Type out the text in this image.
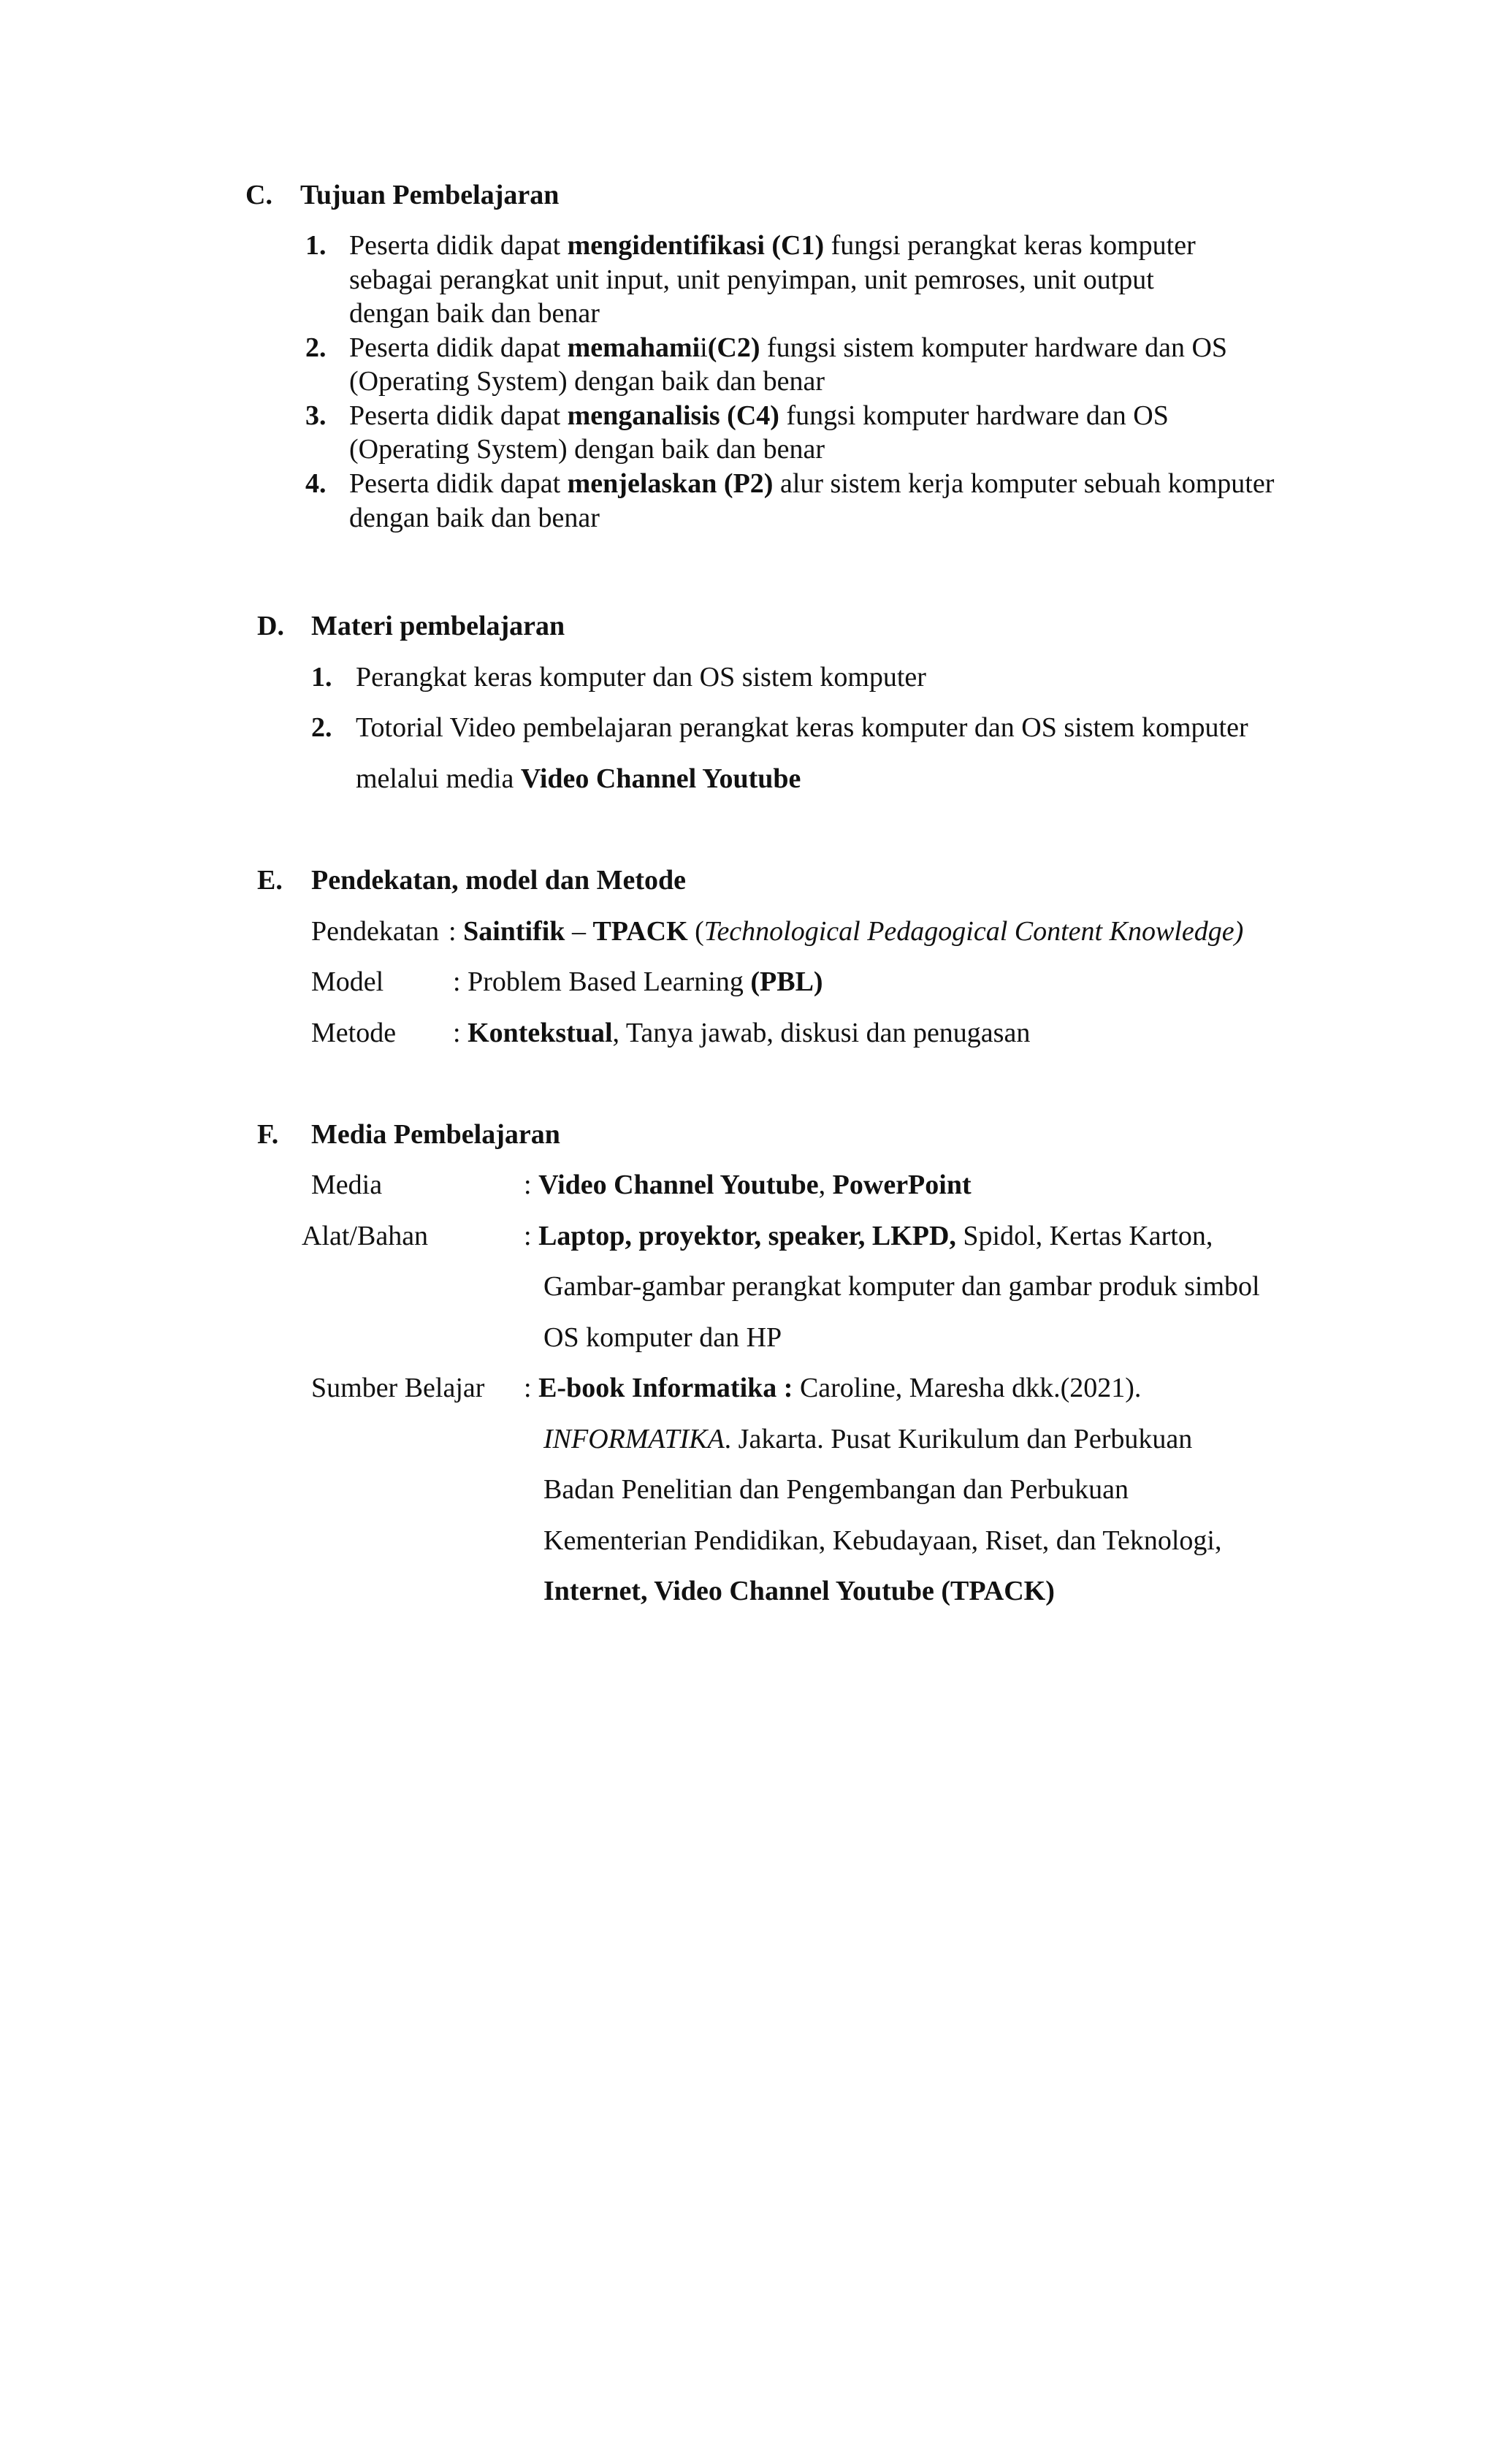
C. Tujuan Pembelajaran
1. Peserta didik dapat mengidentifikasi (C1) fungsi perangkat keras komputer
sebagai perangkat unit input, unit penyimpan, unit pemroses, unit output
dengan baik dan benar
2. Peserta didik dapat memahamii(C2) fungsi sistem komputer hardware dan OS
(Operating System) dengan baik dan benar
3. Peserta didik dapat menganalisis (C4) fungsi komputer hardware dan OS
(Operating System) dengan baik dan benar
4. Peserta didik dapat menjelaskan (P2) alur sistem kerja komputer sebuah komputer
dengan baik dan benar
D. Materi pembelajaran
1. Perangkat keras komputer dan OS sistem komputer
2. Totorial Video pembelajaran perangkat keras komputer dan OS sistem komputer
melalui media Video Channel Youtube
E. Pendekatan, model dan Metode
Pendekatan : Saintifik – TPACK (Technological Pedagogical Content Knowledge)
Model : Problem Based Learning (PBL)
Metode : Kontekstual, Tanya jawab, diskusi dan penugasan
F. Media Pembelajaran
Media	: Video Channel Youtube, PowerPoint
Alat/Bahan	: Laptop, proyektor, speaker, LKPD, Spidol, Kertas Karton,
Gambar-gambar perangkat komputer dan gambar produk simbol
OS komputer dan HP
Sumber Belajar : E-book Informatika : Caroline, Maresha dkk.(2021).
INFORMATIKA. Jakarta. Pusat Kurikulum dan Perbukuan
Badan Penelitian dan Pengembangan dan Perbukuan
Kementerian Pendidikan, Kebudayaan, Riset, dan Teknologi,
Internet, Video Channel Youtube (TPACK)
